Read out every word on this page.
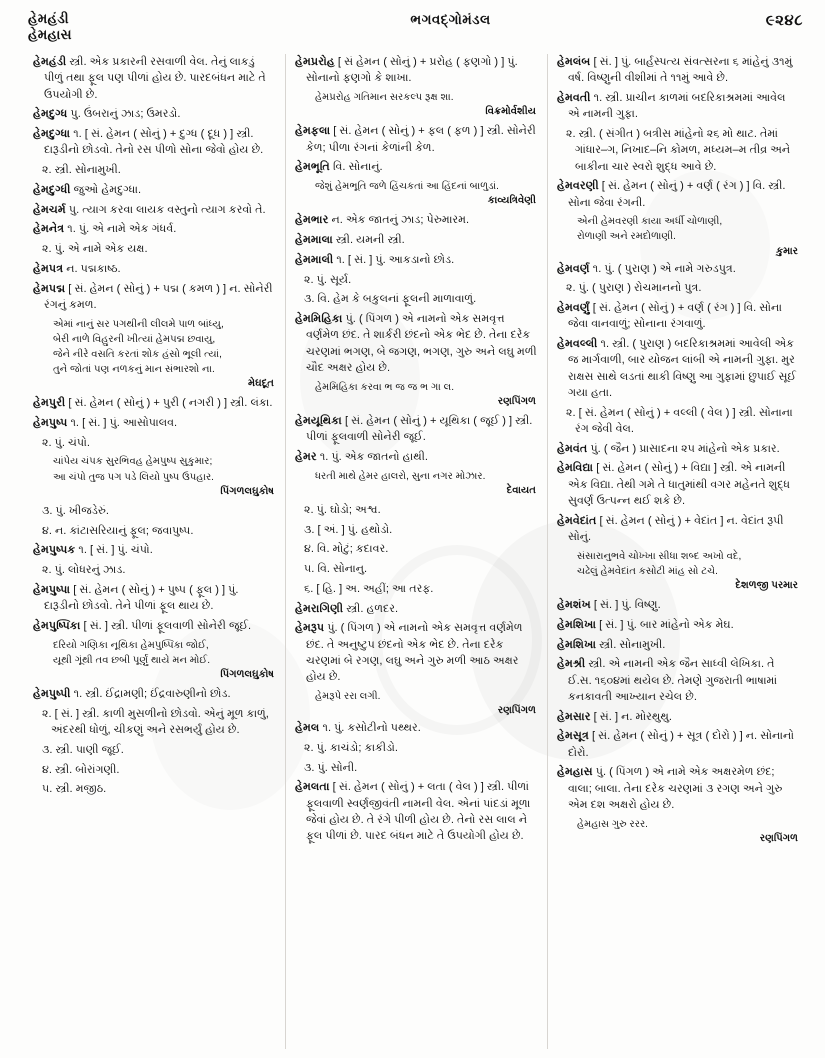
હેમહંડી
હેમહાસ
ભગવદ્ગોમંડલ	૯૨૪૮

હેમહંડી સ્ત્રી. એક પ્રકારની રસવાળી વેલ. તેનું લાકડું પીળું તથા ફૂલ પણ પીળાં હોય છે. પારદબંધન માટે તે ઉપયોગી છે.

હેમદુગ્ધ પુ. ઉંબરાનું ઝાડ; ઉમરડો.

હેમદુગ્ધા ૧. [ સં. હેમન ( સોનું ) + દુગ્ધ ( દૂધ ) ] સ્ત્રી. દારૂડીનો છોડવો. તેનો રસ પીળો સોના જેવો હોય છે.

૨. સ્ત્રી. સોનામુખી.

હેમદુગ્ધી જુઓ હેમદુગ્ધા.

હેમચર્મ પુ. ત્યાગ કરવા લાયક વસ્તુનો ત્યાગ કરવો તે.

હેમનેત્ર ૧. પું. એ નામે એક ગંધર્વ.

૨. પું. એ નામે એક યક્ષ.

હેમપત્ર ન. પદ્મકાષ્ઠ.

હેમપદ્મ [ સં. હેમન ( સોનું ) + પદ્મ ( કમળ ) ] ન. સોનેરી રંગનું કમળ.

એમાં નાનું સર પગથીની લીલમે પાળ બાંધ્યુ,
બેરી નાળે વિહુરની ખીત્યાં હેમપદ્મ છવાયુ,
જેને નીરે વસતિ કરતાં શોક હંસો ભૂલી ત્યાં,
તુને જોતાં પણ નળકનું માન સંભારશો ના.
મેઘદૂત

હેમપુરી [ સં. હેમન ( સોનું ) + પુરી ( નગરી ) ] સ્ત્રી. લંકા.

હેમપુષ્પ ૧. [ સં. ] પું. આસોપાલવ.

૨. પું. ચંપો.

ચાંપેય ચંપક સુરભિવહ હેમપુષ્પ સુકુમાર;
આ ચંપો તુજ પગ પડે લિયો પુષ્પ ઉપહાર.
પિંગળલઘુકોષ

૩. પું. ખીજડેરું.

૪. ન. કાંટાસરિયાનું ફૂલ; જવાપુષ્પ.

હેમપુષ્પક ૧. [ સં. ] પું. ચંપો.

૨. પું. લોધરનું ઝાડ.

હેમપુષ્પા [ સં. હેમન ( સોનું ) + પુષ્પ ( ફૂલ ) ] પું. દારૂડીનો છોડવો. તેને પીળાં ફૂલ થાય છે.

હેમપુષ્પિકા [ સં. ] સ્ત્રી. પીળાં ફૂલવાળી સોનેરી જૂઈ.

દરિયો ગણિકા નૂથિકા હેમપુષ્પિકા જોઈ,
યૂથી ગૂંથી તવ છબી પૂર્ણું થાયે મન મોઈ.
પિંગળલઘુકોષ

હેમપુષ્પી ૧. સ્ત્રી. ઈંદ્રામણી; ઈંદ્રવારુણીનો છોડ.

૨. [ સં. ] સ્ત્રી. કાળી મુસળીનો છોડવો. એનું મૂળ કાળું, અંદરથી ધોળું, ચીકણું અને રસભર્યું હોય છે.

૩. સ્ત્રી. પાણી જૂઈ.

૪. સ્ત્રી. બોરાંગણી.

૫. સ્ત્રી. મજીઠ.

હેમપ્રરોહ [ સં હેમન ( સોનું ) + પ્રરોહ ( ફણગો ) ] પું. સોનાનો ફણગો કે શાખા.

હેમપ્રરોહ ગતિમાન સરકલ્પ રૂક્ષ શા.
વિક્રમોર્વશીય

હેમફલા [ સં. હેમન ( સોનું ) + ફલ ( ફળ ) ] સ્ત્રી. સોનેરી કેળ; પીળા રંગનાં કેળાંની કેળ.

હેમભૂતિ વિ. સોનાનું.

જેશું હેમભૂતિ જળે હિંચકતાં આ હિંદનાં બાળુડાં.
કાવ્યત્રિવેણી

હેમભાર ન. એક જાતનું ઝાડ; પેરુમારમ.

હેમમાલા સ્ત્રી. યમની સ્ત્રી.

હેમમાલી ૧. [ સં. ] પું. આકડાનો છોડ.

૨. પું. સૂર્ય.

૩. વિ. હેમ કે બકુલનાં ફૂલની માળાવાળું.

હેમમિહિકા પું. ( પિંગળ ) એ નામનો એક સમવૃત્ત વર્ણમેળ છંદ. તે શાર્કરી છંદનો એક ભેદ છે. તેના દરેક ચરણમાં ભગણ, બે જગણ, ભગણ, ગુરુ અને લઘુ મળી ચૌદ અક્ષર હોય છે.

હેમમિહિકા કરવા ભ જ જ ભ ગા લ.
રણપિંગળ

હેમયૂથિકા [ સં. હેમન ( સોનું ) + યૂથિકા ( જૂઈ ) ] સ્ત્રી. પીળાં ફૂલવાળી સોનેરી જૂઈ.

હેમર ૧. પું. એક જાતનો હાથી.

ધરતી માથે હેમર હાલરો, સુના નગર મોઝાર.
દેવાયત

૨. પું. ઘોડો; અશ્વ.

૩. [ અં. ] પું. હથોડો.

૪. વિ. મોટું; કદાવર.

૫. વિ. સોનાનુ.

૬. [ હિ. ] અ. અહીં; આ તરફ.

હેમરાગિણી સ્ત્રી. હળદર.

હેમરૂપ પું. ( પિંગળ ) એ નામનો એક સમવૃત્ત વર્ણમેળ છંદ. તે અનુષ્ટુપ છંદનો એક ભેદ છે. તેના દરેક ચરણમાં બે રગણ, લઘુ અને ગુરુ મળી આઠ અક્ષર હોય છે.

હેમરૂપે રરા લગી.
રણપિંગળ

હેમલ ૧. પું. કસોટીનો પથ્થર.

૨. પું. કાચંડો; કાકીડો.

૩. પું. સોની.

હેમલતા [ સં. હેમન ( સોનું ) + લતા ( વેલ ) ] સ્ત્રી. પીળાં ફૂલવાળી સ્વર્ણજીવંતી નામની વેલ. એનાં પાંદડાં મૂળા જેવાં હોય છે. તે રંગે પીળી હોય છે. તેનો રસ લાલ ને ફૂલ પીળાં છે. પારદ બંધન માટે તે ઉપયોગી હોય છે.

હેમલંબ [ સં. ] પું. બાર્હસ્પત્ય સંવત્સરના ૬ માંહેનું ૩૧મું વર્ષ. વિષ્ણુની વીશીમાં તે ૧૧મું આવે છે.

હેમવતી ૧. સ્ત્રી. પ્રાચીન કાળમાં બદરિકાશ્રમમાં આવેલ એ નામની ગુફા.

૨. સ્ત્રી. ( સંગીત ) બત્રીસ માંહેનો ૨૬ મો થાટ. તેમાં ગાંધાર–ગ, નિખાદ–નિ કોમળ, મધ્યમ–મ તીવ્ર અને બાકીના ચાર સ્વરો શુદ્ધ આવે છે.

હેમવરણી [ સં. હેમન ( સોનું ) + વર્ણ ( રંગ ) ] વિ. સ્ત્રી. સોના જેવા રંગની.

એની હેમવરણી કાયા અર્ધી ચોળાણી,
રોળાણી અને રમદોળાણી.
કુમાર

હેમવર્ણ ૧. પું. ( પુરાણ ) એ નામે ગરુડપુત્ર.

૨. પું. ( પુરાણ ) રોચમાનનો પુત્ર.

હેમવર્ણું [ સં. હેમન ( સોનું ) + વર્ણ ( રંગ ) ] વિ. સોના જેવા વાનવાળું; સોનાના રંગવાળું.

હેમવલ્લી ૧. સ્ત્રી. ( પુરાણ ) બદરિકાશ્રમમાં આવેલી એક જ માર્ગવાળી, બાર યોજન લાંબી એ નામની ગુફા. મુર રાક્ષસ સાથે લડતાં થાકી વિષ્ણુ આ ગુફામાં છુપાઈ સૂઈ ગયા હતા.

૨. [ સં. હેમન ( સોનું ) + વલ્લી ( વેલ ) ] સ્ત્રી. સોનાના રંગ જેવી વેલ.

હેમવંત પું. ( જૈન ) પ્રાસાદના ૨૫ માંહેનો એક પ્રકાર.

હેમવિદ્યા [ સં. હેમન ( સોનું ) + વિદ્યા ] સ્ત્રી. એ નામની એક વિદ્યા. તેથી ગમે તે ધાતુમાંથી વગર મહેનતે શુદ્ધ સુવર્ણ ઉત્પન્ન થઈ શકે છે.

હેમવેદાંત [ સં. હેમન ( સોનું ) + વેદાંત ] ન. વેદાંત રૂપી સોનું.

સંસારાનુભવે ચોખ્ખા સીધા શબ્દ અખો વદે,
ચઢેલું હેમવેદાંત કસોટી માંહ સો ટચે.
દેશળજી પરમાર

હેમશંખ [ સં. ] પું. વિષ્ણુ.

હેમશિખા [ સં. ] પું. બાર માંહેનો એક મેઘ.

હેમશિખા સ્ત્રી. સોનામુખી.

હેમશ્રી સ્ત્રી. એ નામની એક જૈન સાધ્વી લેખિકા. તે ઈ.સ. ૧૬૦૪માં થયેલ છે. તેમણે ગુજરાતી ભાષામાં કનકાવતી આખ્યાન રચેલ છે.

હેમસાર [ સં. ] ન. મોરથુથુ.

હેમસૂત્ર [ સં. હેમન ( સોનું ) + સૂત્ર ( દોરો ) ] ન. સોનાનો દોરો.

હેમહાસ પું. ( પિંગળ ) એ નામે એક અક્ષરમેળ છંદ; વાલા; બાલા. તેના દરેક ચરણમાં ૩ રગણ અને ગુરુ એમ દશ અક્ષરો હોય છે.

હેમહાસ ગુરુ રરર.
રણપિંગળ
